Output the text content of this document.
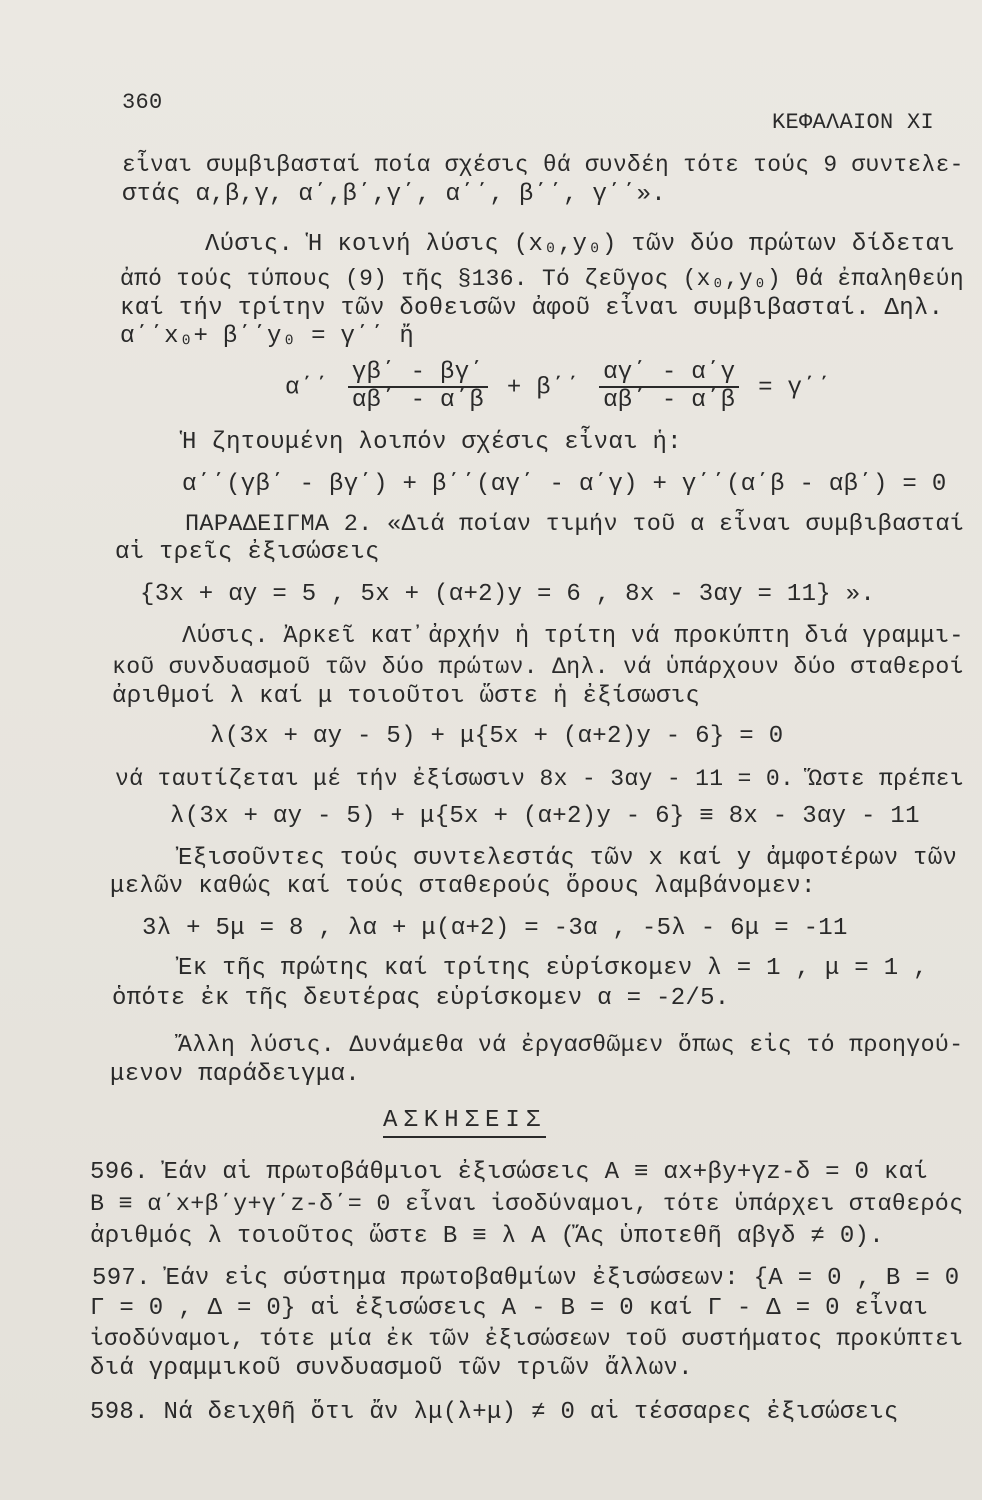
360
ΚΕΦΑΛΑΙΟΝ XI
εἶναι συμβιβασταί ποία σχέσις θά συνδέη τότε τούς 9 συντελε-
στάς α,β,γ, α΄,β΄,γ΄, α΄΄, β΄΄, γ΄΄».
Λύσις. Ἡ κοινή λύσις (x₀,y₀) τῶν δύο πρώτων δίδεται
ἀπό τούς τύπους (9) τῆς §136. Τό ζεῦγος (x₀,y₀) θά ἐπαληθεύη
καί τήν τρίτην τῶν δοθεισῶν ἀφοῦ εἶναι συμβιβασταί. Δηλ.
α΄΄x₀+ β΄΄y₀ = γ΄΄ ἤ
$\alpha΄΄ \frac{\gamma\beta΄ - \beta\gamma΄}{\alpha\beta΄ - \alpha΄\beta} + \beta΄΄ \frac{\alpha\gamma΄ - \alpha΄\gamma}{\alpha\beta΄ - \alpha΄\beta} = \gamma΄΄$
Ἡ ζητουμένη λοιπόν σχέσις εἶναι ἡ:
α΄΄(γβ΄ - βγ΄) + β΄΄(αγ΄ - α΄γ) + γ΄΄(α΄β - αβ΄) = 0
ΠΑΡΑΔΕΙΓΜΑ 2. «Διά ποίαν τιμήν τοῦ α εἶναι συμβιβασταί
αἱ τρεῖς ἐξισώσεις
{3x + αy = 5 , 5x + (α+2)y = 6 , 8x - 3αy = 11} ».
Λύσις. Ἀρκεῖ κατ᾽ἀρχήν ἡ τρίτη νά προκύπτη διά γραμμι-
κοῦ συνδυασμοῦ τῶν δύο πρώτων. Δηλ. νά ὑπάρχουν δύο σταθεροί
ἀριθμοί λ καί μ τοιοῦτοι ὥστε ἡ ἐξίσωσις
λ(3x + αy - 5) + μ{5x + (α+2)y - 6} = 0
νά ταυτίζεται μέ τήν ἐξίσωσιν 8x - 3αy - 11 = 0. Ὥστε πρέπει
λ(3x + αy - 5) + μ{5x + (α+2)y - 6} ≡ 8x - 3αy - 11
Ἐξισοῦντες τούς συντελεστάς τῶν x καί y ἀμφοτέρων τῶν
μελῶν καθώς καί τούς σταθερούς ὅρους λαμβάνομεν:
3λ + 5μ = 8 , λα + μ(α+2) = -3α , -5λ - 6μ = -11
Ἐκ τῆς πρώτης καί τρίτης εὑρίσκομεν λ = 1 , μ = 1 ,
ὁπότε ἐκ τῆς δευτέρας εὑρίσκομεν α = -2/5.
Ἄλλη λύσις. Δυνάμεθα νά ἐργασθῶμεν ὅπως εἰς τό προηγού-
μενον παράδειγμα.
ΑΣΚΗΣΕΙΣ
596. Ἐάν αἱ πρωτοβάθμιοι ἐξισώσεις A ≡ αx+βy+γz-δ = 0 καί
B ≡ α΄x+β΄y+γ΄z-δ΄= 0 εἶναι ἰσοδύναμοι, τότε ὑπάρχει σταθερός
ἀριθμός λ τοιοῦτος ὥστε B ≡ λ A (Ἄς ὑποτεθῆ αβγδ ≠ 0).
597. Ἐάν εἰς σύστημα πρωτοβαθμίων ἐξισώσεων: {A = 0 , B = 0
Γ = 0 , Δ = 0} αἱ ἐξισώσεις A - B = 0 καί Γ - Δ = 0 εἶναι
ἰσοδύναμοι, τότε μία ἐκ τῶν ἐξισώσεων τοῦ συστήματος προκύπτει
διά γραμμικοῦ συνδυασμοῦ τῶν τριῶν ἄλλων.
598. Νά δειχθῆ ὅτι ἄν λμ(λ+μ) ≠ 0 αἱ τέσσαρες ἐξισώσεις
